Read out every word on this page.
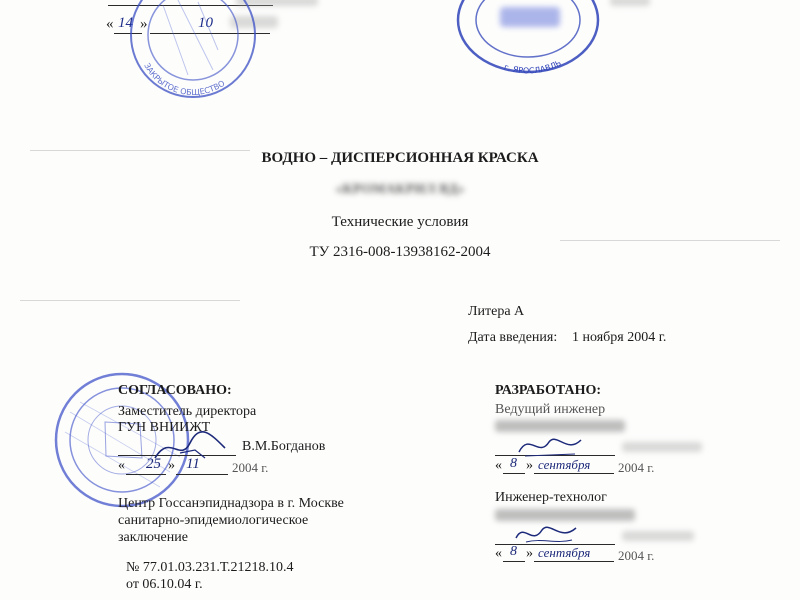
« 14 »	10
ЗАКРЫТОЕ ОБЩЕСТВО
г. ЯРОСЛАВЛЬ
ВОДНО – ДИСПЕРСИОННАЯ КРАСКА
«КРОМАКРИЛ ВД»
Технические условия
ТУ 2316-008-13938162-2004
Литера А
Дата введения: 1 ноября 2004 г.
СОГЛАСОВАНО:
Заместитель директора
ГУН ВНИИЖТ
В.М.Богданов
« 25 » 11 2004 г.
Центр Госсанэпиднадзора в г. Москве
санитарно-эпидемиологическое
заключение
№ 77.01.03.231.Т.21218.10.4
от 06.10.04 г.
РАЗРАБОТАНО:
Ведущий инженер
« 8 » сентября 2004 г.
Инженер-технолог
« 8 » сентября 2004 г.
